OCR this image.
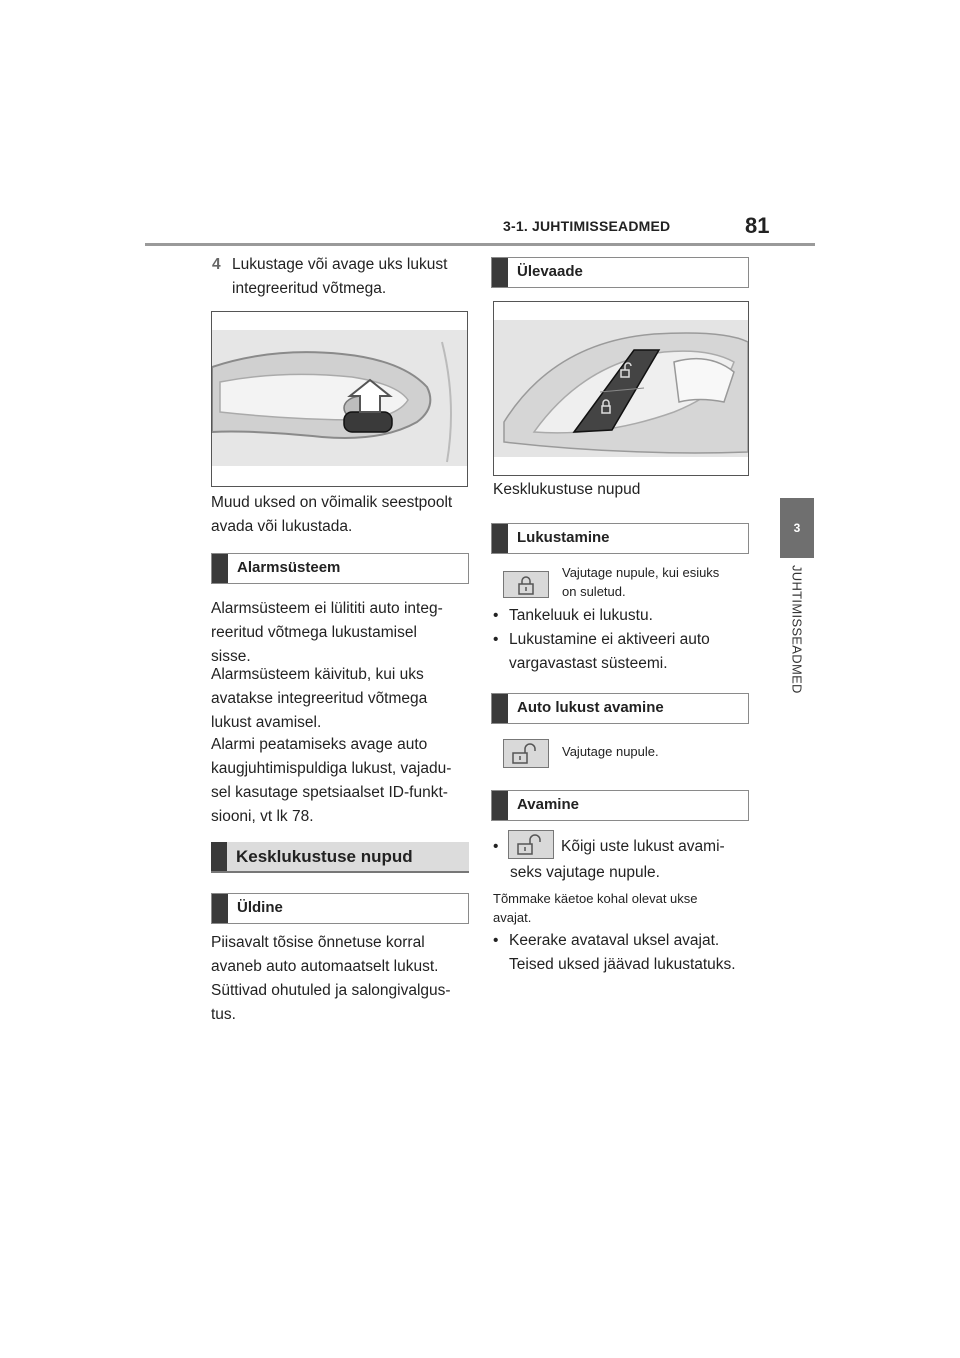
3-1. JUHTIMISSEADMED	81
3
JUHTIMISSEADMED
4 Lukustage või avage uks lukust
integreeritud võtmega.
Muud uksed on võimalik seestpoolt
avada või lukustada.
Alarmsüsteem
Alarmsüsteem ei lülititi auto integ-
reeritud võtmega lukustamisel
sisse.
Alarmsüsteem käivitub, kui uks
avatakse integreeritud võtmega
lukust avamisel.
Alarmi peatamiseks avage auto
kaugjuhtimispuldiga lukust, vajadu-
sel kasutage spetsiaalset ID-funkt-
siooni, vt lk 78.
Kesklukustuse nupud
Üldine
Piisavalt tõsise õnnetuse korral
avaneb auto automaatselt lukust.
Süttivad ohutuled ja salongivalgus-
tus.
Ülevaade
Kesklukustuse nupud
Lukustamine
Vajutage nupule, kui esiuks
on suletud.
• Tankeluuk ei lukustu.
• Lukustamine ei aktiveeri auto
vargavastast süsteemi.
Auto lukust avamine
Vajutage nupule.
Avamine
•	Kõigi uste lukust avami-
seks vajutage nupule.
Tõmmake käetoe kohal olevat ukse
avajat.
• Keerake avataval uksel avajat.
Teised uksed jäävad lukustatuks.
